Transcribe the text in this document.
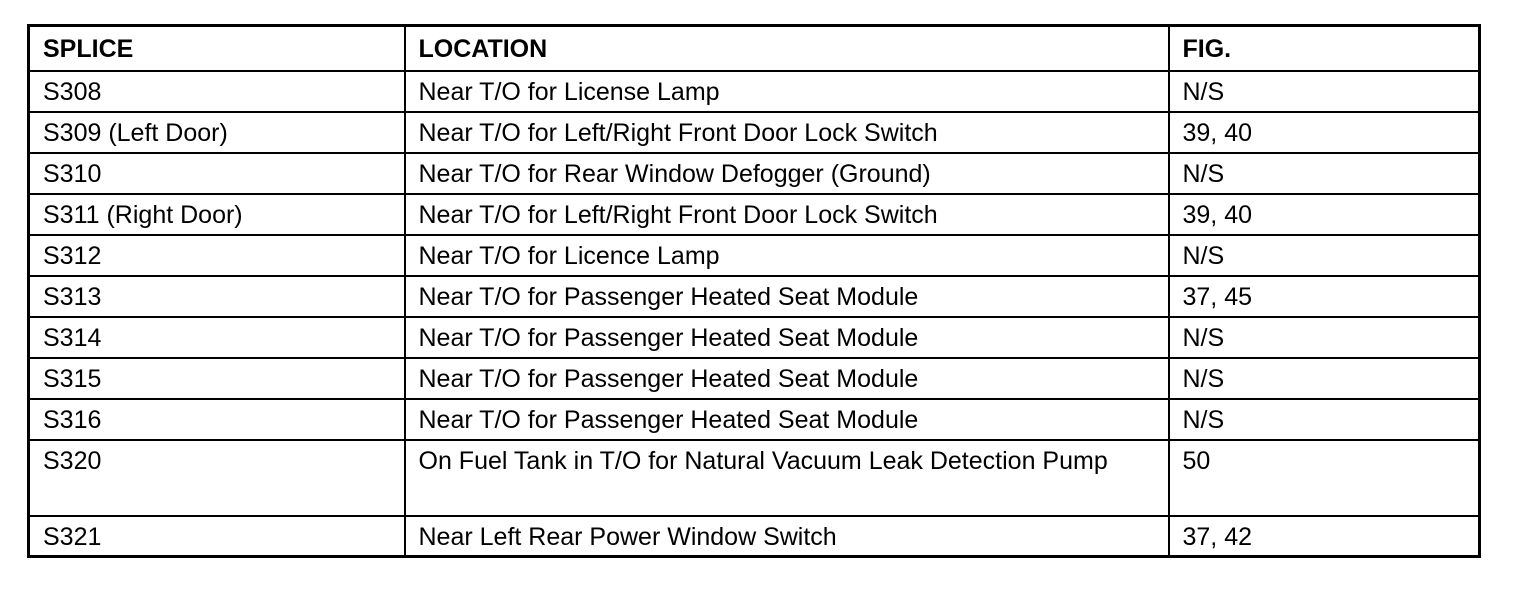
SPLICE	LOCATION	FIG.
S308	Near T/O for License Lamp	N/S
S309 (Left Door)	Near T/O for Left/Right Front Door Lock Switch	39, 40
S310	Near T/O for Rear Window Defogger (Ground)	N/S
S311 (Right Door)	Near T/O for Left/Right Front Door Lock Switch	39, 40
S312	Near T/O for Licence Lamp	N/S
S313	Near T/O for Passenger Heated Seat Module	37, 45
S314	Near T/O for Passenger Heated Seat Module	N/S
S315	Near T/O for Passenger Heated Seat Module	N/S
S316	Near T/O for Passenger Heated Seat Module	N/S
S320	On Fuel Tank in T/O for Natural Vacuum Leak Detection Pump	50
S321	Near Left Rear Power Window Switch	37, 42
